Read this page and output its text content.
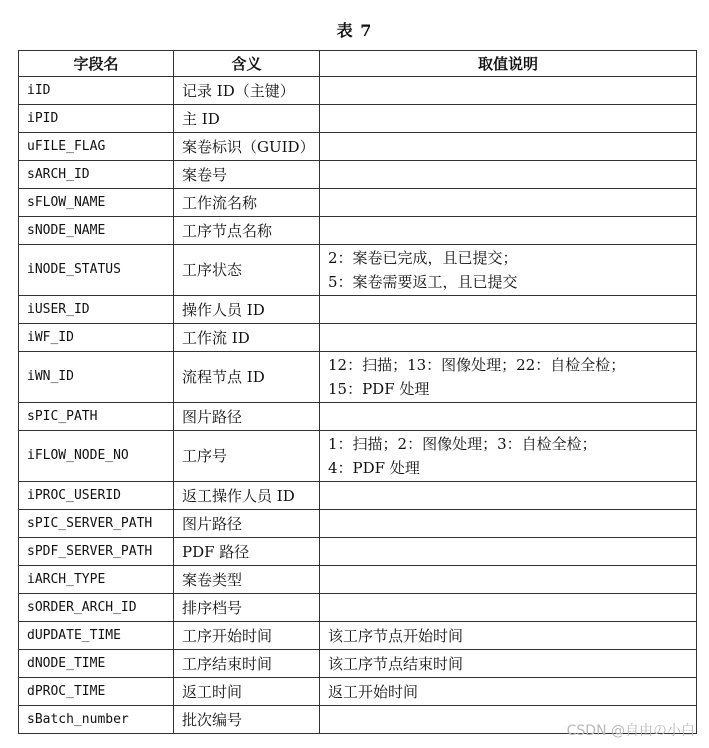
表 7
字段名	含义	取值说明
iID	记录 ID（主键）	
iPID	主 ID	
uFILE_FLAG	案卷标识（GUID）	
sARCH_ID	案卷号	
sFLOW_NAME	工作流名称	
sNODE_NAME	工序节点名称	
iNODE_STATUS	工序状态	2：案卷已完成，且已提交；
5：案卷需要返工，且已提交

iUSER_ID	操作人员 ID	
iWF_ID	工作流 ID	
iWN_ID	流程节点 ID	12：扫描；13：图像处理；22：自检全检；
15：PDF 处理

sPIC_PATH	图片路径	
iFLOW_NODE_NO	工序号	1：扫描；2：图像处理；3：自检全检；
4：PDF 处理

iPROC_USERID	返工操作人员 ID	
sPIC_SERVER_PATH	图片路径	
sPDF_SERVER_PATH	PDF 路径	
iARCH_TYPE	案卷类型	
sORDER_ARCH_ID	排序档号	
dUPDATE_TIME	工序开始时间	该工序节点开始时间

dNODE_TIME	工序结束时间	该工序节点结束时间

dPROC_TIME	返工时间	返工开始时间

sBatch_number	批次编号	
CSDN @自由の小白
